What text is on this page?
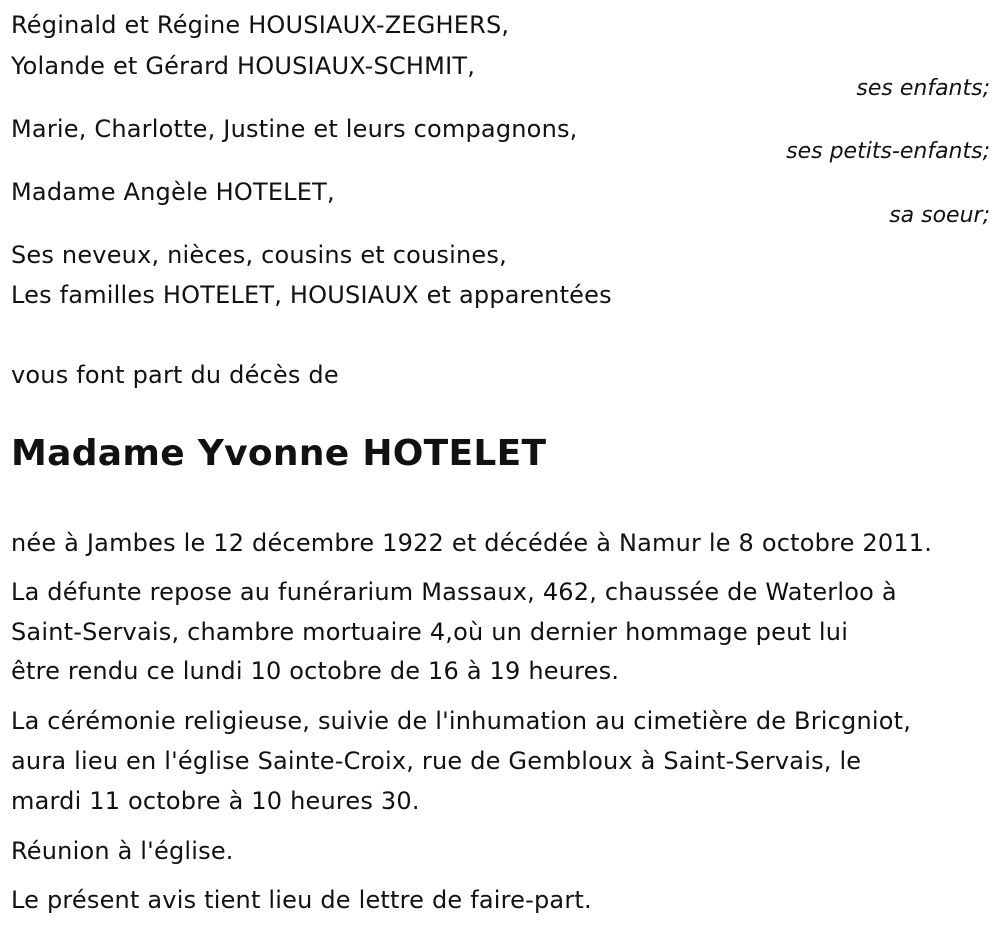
Réginald et Régine HOUSIAUX-ZEGHERS,
Yolande et Gérard HOUSIAUX-SCHMIT,
ses enfants;
Marie, Charlotte, Justine et leurs compagnons,
ses petits-enfants;
Madame Angèle HOTELET,
sa soeur;
Ses neveux, nièces, cousins et cousines,
Les familles HOTELET, HOUSIAUX et apparentées
vous font part du décès de
Madame Yvonne HOTELET
née à Jambes le 12 décembre 1922 et décédée à Namur le 8 octobre 2011.
La défunte repose au funérarium Massaux, 462, chaussée de Waterloo à
Saint-Servais, chambre mortuaire 4,où un dernier hommage peut lui
être rendu ce lundi 10 octobre de 16 à 19 heures.
La cérémonie religieuse, suivie de l'inhumation au cimetière de Bricgniot,
aura lieu en l'église Sainte-Croix, rue de Gembloux à Saint-Servais, le
mardi 11 octobre à 10 heures 30.
Réunion à l'église.
Le présent avis tient lieu de lettre de faire-part.
